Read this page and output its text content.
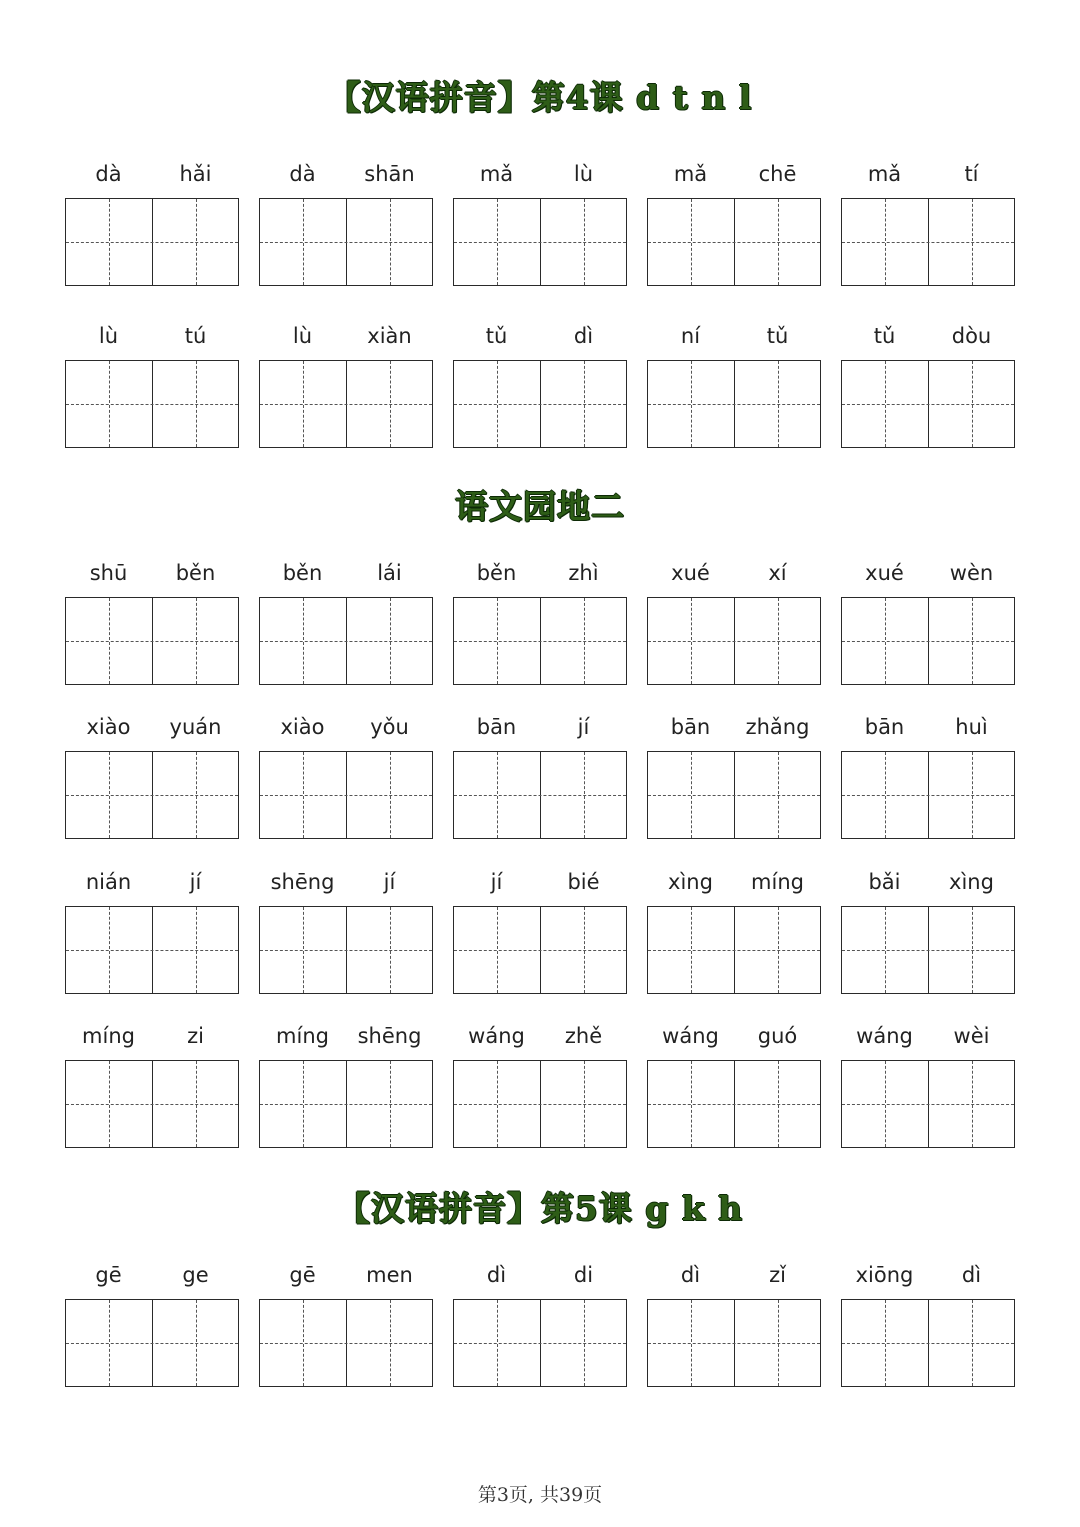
【汉语拼音】第4课 d t n l
dà	hǎi	dà	shān	mǎ	lù	mǎ	chē	mǎ	tí
lù	tú	lù	xiàn	tǔ	dì	ní	tǔ	tǔ	dòu
语文园地二
shū	běn	běn	lái	běn	zhì	xué	xí	xué	wèn
xiào	yuán	xiào	yǒu	bān	jí	bān	zhǎng	bān	huì
nián	jí	shēng	jí	jí	bié	xìng	míng	bǎi	xìng
míng	zi	míng	shēng	wáng	zhě	wáng	guó	wáng	wèi
【汉语拼音】第5课 g k h
gē	ge	gē	men	dì	di	dì	zǐ	xiōng	dì
第3页, 共39页
